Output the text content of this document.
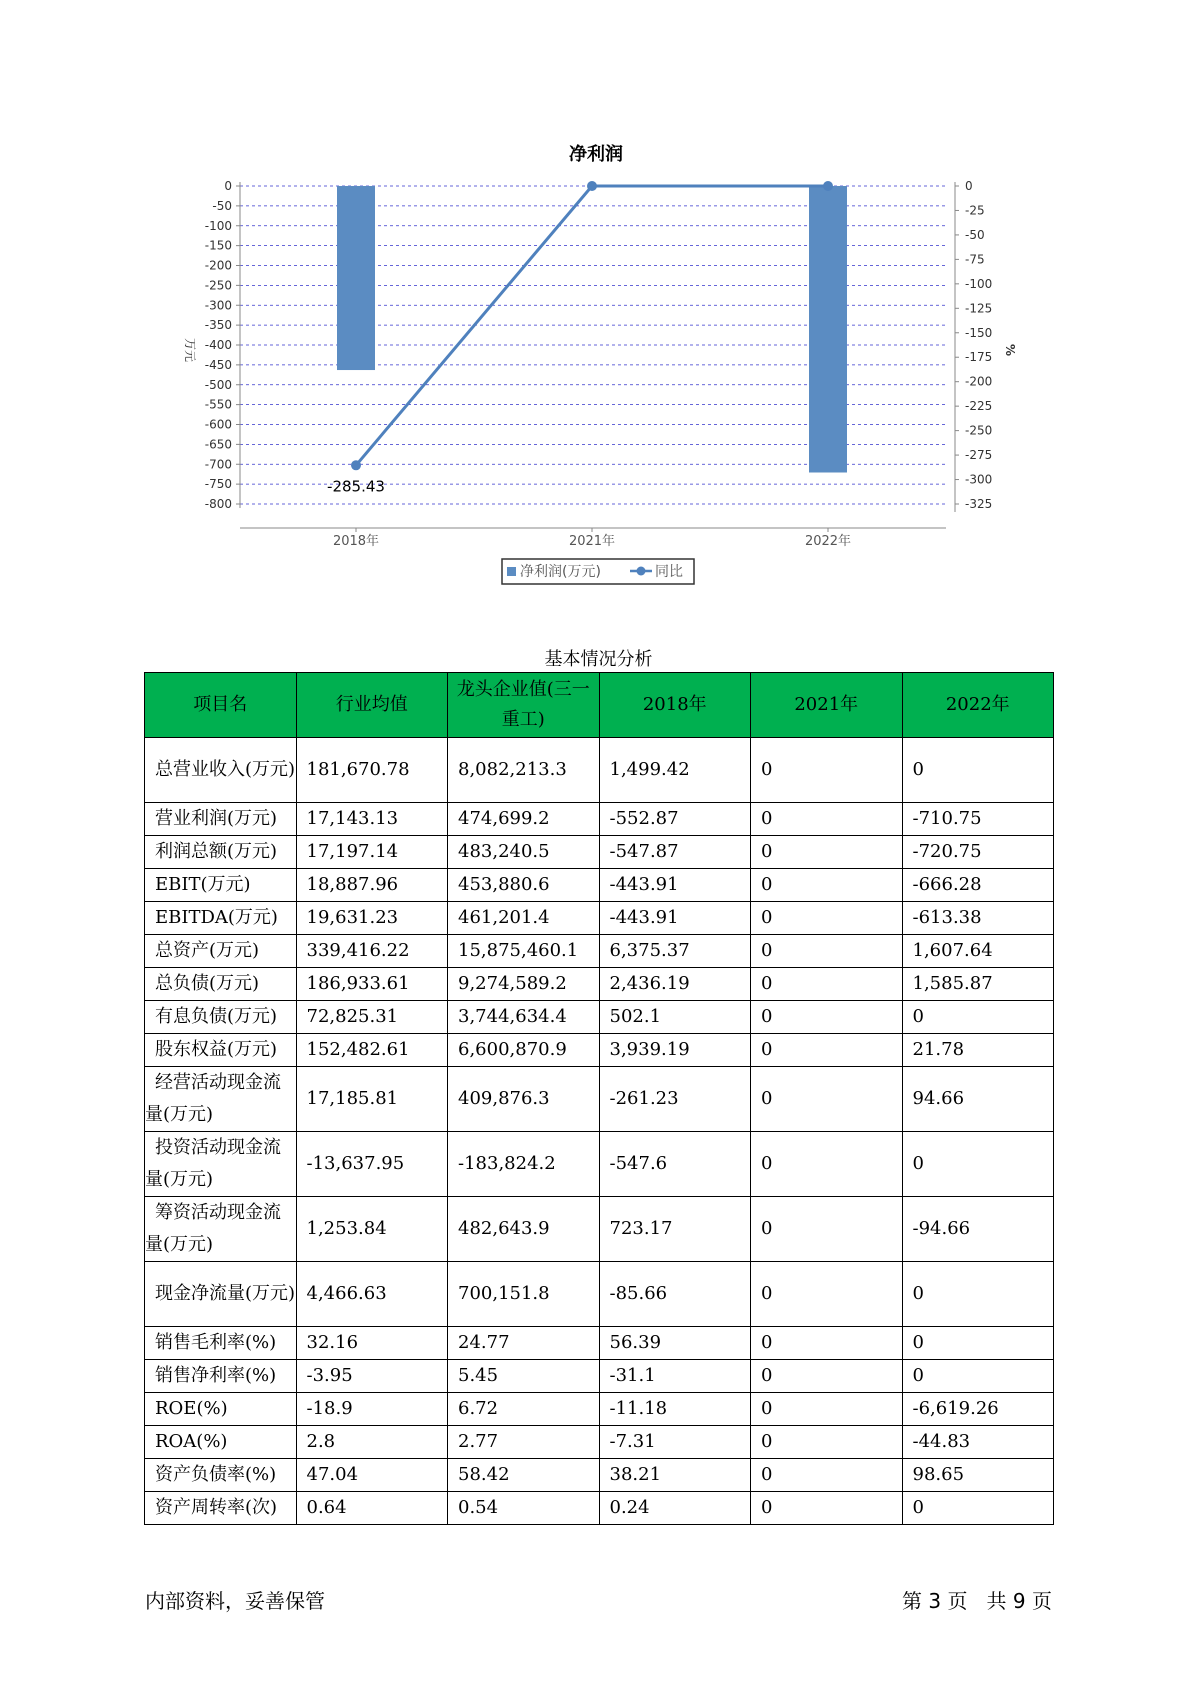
净利润
0
-50
-100
-150
-200
-250
-300
-350
-400
-450
-500
-550
-600
-650
-700
-750
-800
0
-25
-50
-75
-100
-125
-150
-175
-200
-225
-250
-275
-300
-325
2018年	2021年	2022年
万元	%
-285.43
净利润(万元)	同比
基本情况分析
项目名	行业均值	龙头企业值(三一重工)	2018年	2021年	2022年
总营业收入(万元)	181,670.78	8,082,213.3	1,499.42	0	0
营业利润(万元)	17,143.13	474,699.2	-552.87	0	-710.75
利润总额(万元)	17,197.14	483,240.5	-547.87	0	-720.75
EBIT(万元)	18,887.96	453,880.6	-443.91	0	-666.28
EBITDA(万元)	19,631.23	461,201.4	-443.91	0	-613.38
总资产(万元)	339,416.22	15,875,460.1	6,375.37	0	1,607.64
总负债(万元)	186,933.61	9,274,589.2	2,436.19	0	1,585.87
有息负债(万元)	72,825.31	3,744,634.4	502.1	0	0
股东权益(万元)	152,482.61	6,600,870.9	3,939.19	0	21.78
经营活动现金流量(万元)	17,185.81	409,876.3	-261.23	0	94.66
投资活动现金流量(万元)	-13,637.95	-183,824.2	-547.6	0	0
筹资活动现金流量(万元)	1,253.84	482,643.9	723.17	0	-94.66
现金净流量(万元)	4,466.63	700,151.8	-85.66	0	0
销售毛利率(%)	32.16	24.77	56.39	0	0
销售净利率(%)	-3.95	5.45	-31.1	0	0
ROE(%)	-18.9	6.72	-11.18	0	-6,619.26
ROA(%)	2.8	2.77	-7.31	0	-44.83
资产负债率(%)	47.04	58.42	38.21	0	98.65
资产周转率(次)	0.64	0.54	0.24	0	0
内部资料，妥善保管	第 3 页   共 9 页
